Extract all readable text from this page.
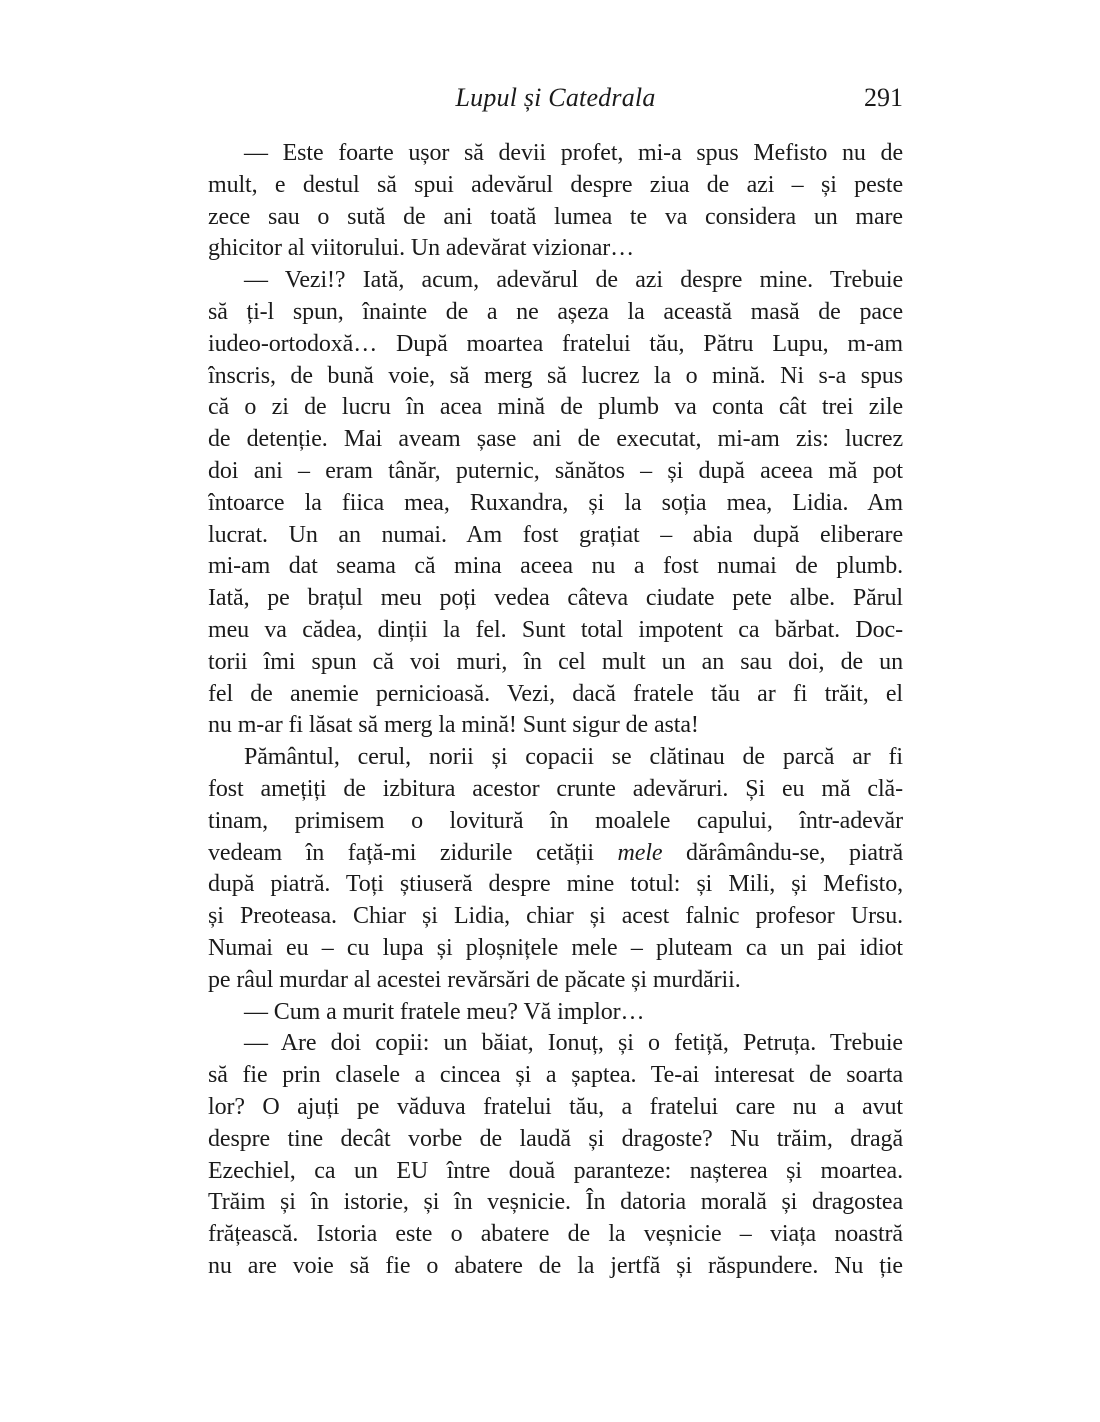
Lupul și Catedrala	291
— Este foarte ușor să devii profet, mi-a spus Mefisto nu de
mult, e destul să spui adevărul despre ziua de azi – și peste
zece sau o sută de ani toată lumea te va considera un mare
ghicitor al viitorului. Un adevărat vizionar…
— Vezi!? Iată, acum, adevărul de azi despre mine. Trebuie
să ți-l spun, înainte de a ne așeza la această masă de pace
iudeo-ortodoxă… După moartea fratelui tău, Pătru Lupu, m-am
înscris, de bună voie, să merg să lucrez la o mină. Ni s-a spus
că o zi de lucru în acea mină de plumb va conta cât trei zile
de detenție. Mai aveam șase ani de executat, mi-am zis: lucrez
doi ani – eram tânăr, puternic, sănătos – și după aceea mă pot
întoarce la fiica mea, Ruxandra, și la soția mea, Lidia. Am
lucrat. Un an numai. Am fost grațiat – abia după eliberare
mi-am dat seama că mina aceea nu a fost numai de plumb.
Iată, pe brațul meu poți vedea câteva ciudate pete albe. Părul
meu va cădea, dinții la fel. Sunt total impotent ca bărbat. Doc-
torii îmi spun că voi muri, în cel mult un an sau doi, de un
fel de anemie pernicioasă. Vezi, dacă fratele tău ar fi trăit, el
nu m-ar fi lăsat să merg la mină! Sunt sigur de asta!
Pământul, cerul, norii și copacii se clătinau de parcă ar fi
fost amețiți de izbitura acestor crunte adevăruri. Și eu mă clă-
tinam, primisem o lovitură în moalele capului, într-adevăr
vedeam în față-mi zidurile cetății mele dărâmându-se, piatră
după piatră. Toți știuseră despre mine totul: și Mili, și Mefisto,
și Preoteasa. Chiar și Lidia, chiar și acest falnic profesor Ursu.
Numai eu – cu lupa și ploșnițele mele – pluteam ca un pai idiot
pe râul murdar al acestei revărsări de păcate și murdării.
— Cum a murit fratele meu? Vă implor…
— Are doi copii: un băiat, Ionuț, și o fetiță, Petruța. Trebuie
să fie prin clasele a cincea și a șaptea. Te-ai interesat de soarta
lor? O ajuți pe văduva fratelui tău, a fratelui care nu a avut
despre tine decât vorbe de laudă și dragoste? Nu trăim, dragă
Ezechiel, ca un EU între două paranteze: nașterea și moartea.
Trăim și în istorie, și în veșnicie. În datoria morală și dragostea
frățească. Istoria este o abatere de la veșnicie – viața noastră
nu are voie să fie o abatere de la jertfă și răspundere. Nu ție
